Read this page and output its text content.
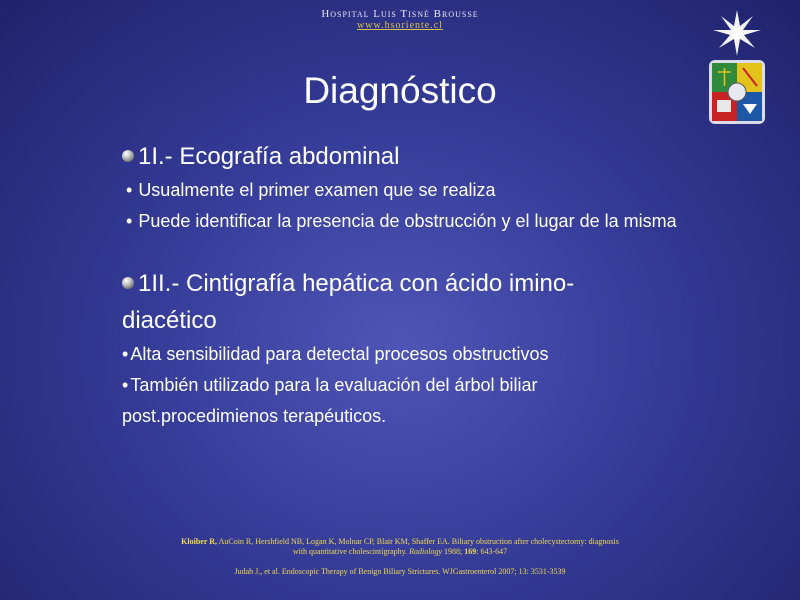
Hospital Luis Tisné Brousse
www.hsoriente.cl
Diagnóstico

1I.- Ecografía abdominal

• Usualmente el primer examen que se realiza

• Puede identificar la presencia de obstrucción y el lugar de la misma

1II.- Cintigrafía hepática con ácido imino-

diacético

• Alta sensibilidad para detectal procesos obstructivos

• También utilizado para la evaluación del árbol biliar

post.procedimienos terapéuticos.

Kloiber R, AuCoin R, Hershfield NB, Logan K, Molnar CP, Blair KM, Shaffer EA. Biliary obstruction after cholecystectomy: diagnosis
with quantitative cholescintigraphy. Radiology 1988; 169: 643-647
Judah J., et al. Endoscopic Therapy of Benign Biliary Strictures. WJGastroenterol 2007; 13: 3531-3539
